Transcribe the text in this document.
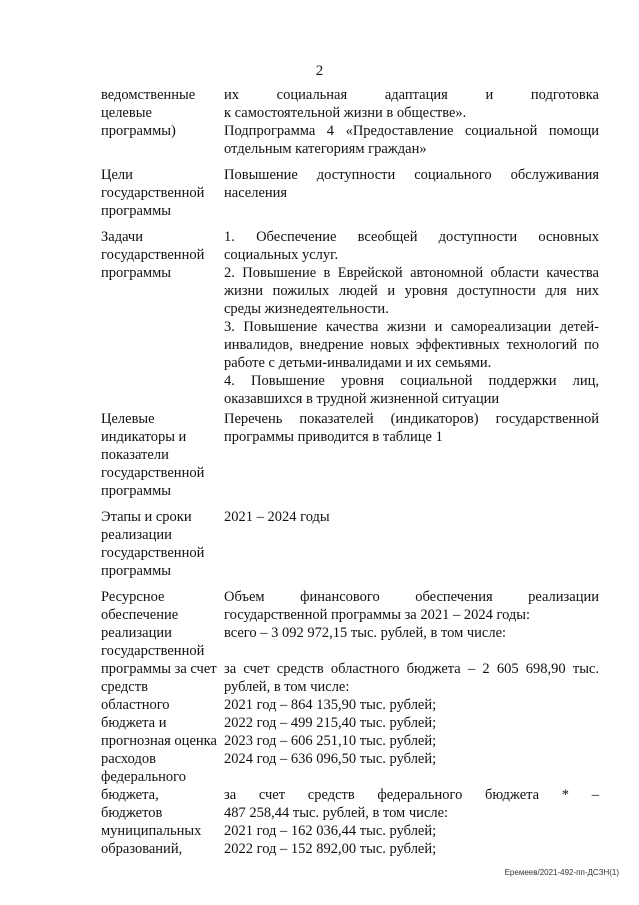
2
ведомственные целевые программы)

их социальная адаптация и подготовка

к самостоятельной жизни в обществе».

Подпрограмма 4 «Предоставление социальной помощи

отдельным категориям граждан»

Цели государственной программы

Повышение доступности социального обслуживания

населения

Задачи государственной программы

1. Обеспечение всеобщей доступности основных

социальных услуг.

2. Повышение в Еврейской автономной области качества

жизни пожилых людей и уровня доступности для них

среды жизнедеятельности.

3. Повышение качества жизни и самореализации детей-

инвалидов, внедрение новых эффективных технологий по

работе с детьми-инвалидами и их семьями.

4. Повышение уровня социальной поддержки лиц,

оказавшихся в трудной жизненной ситуации

Целевые индикаторы и показатели государственной программы

Перечень показателей (индикаторов) государственной

программы приводится в таблице 1

Этапы и сроки реализации государственной программы

2021 – 2024 годы

Ресурсное обеспечение реализации государственной программы за счет средств областного бюджета и прогнозная оценка расходов федерального бюджета, бюджетов муниципальных образований,

Объем финансового обеспечения реализации

государственной программы за 2021 – 2024 годы:

всего – 3 092 972,15 тыс. рублей, в том числе:

за счет средств областного бюджета – 2 605 698,90 тыс.

рублей, в том числе:

2021 год – 864 135,90 тыс. рублей;

2022 год – 499 215,40 тыс. рублей;

2023 год – 606 251,10 тыс. рублей;

2024 год – 636 096,50 тыс. рублей;

за счет средств федерального бюджета * –

487 258,44 тыс. рублей, в том числе:

2021 год – 162 036,44 тыс. рублей;

2022 год – 152 892,00 тыс. рублей;

Еремеев/2021-492-пп-ДСЗН(1)
